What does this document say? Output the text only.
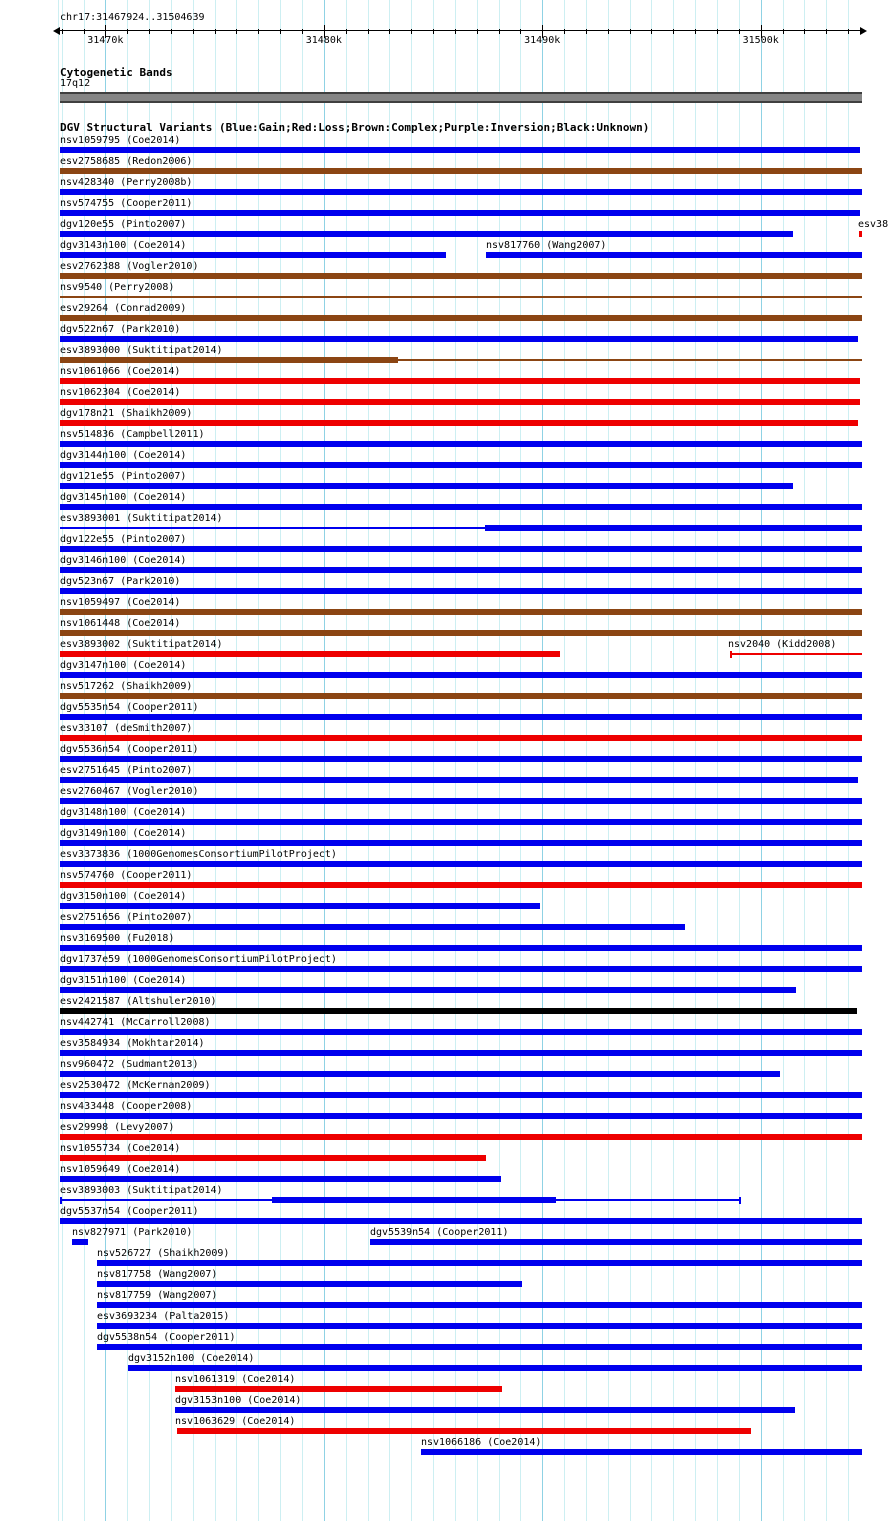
chr17:31467924..31504639
31470k	31480k	31490k	31500k
Cytogenetic Bands
17q12
DGV Structural Variants (Blue:Gain;Red:Loss;Brown:Complex;Purple:Inversion;Black:Unknown)
nsv1059795 (Coe2014)
esv2758685 (Redon2006)
nsv428340 (Perry2008b)
nsv574755 (Cooper2011)
dgv120e55 (Pinto2007)	esv38
dgv3143n100 (Coe2014)	nsv817760 (Wang2007)
esv2762388 (Vogler2010)
nsv9540 (Perry2008)
esv29264 (Conrad2009)
dgv522n67 (Park2010)
esv3893000 (Suktitipat2014)
nsv1061066 (Coe2014)
nsv1062304 (Coe2014)
dgv178n21 (Shaikh2009)
nsv514836 (Campbell2011)
dgv3144n100 (Coe2014)
dgv121e55 (Pinto2007)
dgv3145n100 (Coe2014)
esv3893001 (Suktitipat2014)
dgv122e55 (Pinto2007)
dgv3146n100 (Coe2014)
dgv523n67 (Park2010)
nsv1059497 (Coe2014)
nsv1061448 (Coe2014)
esv3893002 (Suktitipat2014)	nsv2040 (Kidd2008)
dgv3147n100 (Coe2014)
nsv517262 (Shaikh2009)
dgv5535n54 (Cooper2011)
esv33107 (deSmith2007)
dgv5536n54 (Cooper2011)
esv2751645 (Pinto2007)
esv2760467 (Vogler2010)
dgv3148n100 (Coe2014)
dgv3149n100 (Coe2014)
esv3373836 (1000GenomesConsortiumPilotProject)
nsv574760 (Cooper2011)
dgv3150n100 (Coe2014)
esv2751656 (Pinto2007)
nsv3169500 (Fu2018)
dgv1737e59 (1000GenomesConsortiumPilotProject)
dgv3151n100 (Coe2014)
esv2421587 (Altshuler2010)
nsv442741 (McCarroll2008)
esv3584934 (Mokhtar2014)
nsv960472 (Sudmant2013)
esv2530472 (McKernan2009)
nsv433448 (Cooper2008)
esv29998 (Levy2007)
nsv1055734 (Coe2014)
nsv1059649 (Coe2014)
esv3893003 (Suktitipat2014)
dgv5537n54 (Cooper2011)
nsv827971 (Park2010)	dgv5539n54 (Cooper2011)
nsv526727 (Shaikh2009)
nsv817758 (Wang2007)
nsv817759 (Wang2007)
esv3693234 (Palta2015)
dgv5538n54 (Cooper2011)
dgv3152n100 (Coe2014)
nsv1061319 (Coe2014)
dgv3153n100 (Coe2014)
nsv1063629 (Coe2014)
nsv1066186 (Coe2014)
